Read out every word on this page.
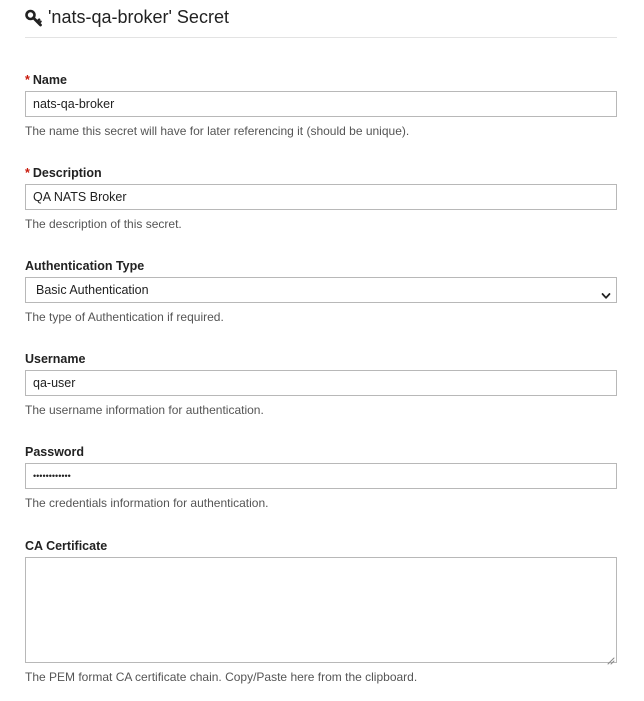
'nats-qa-broker' Secret
* Name
nats-qa-broker
The name this secret will have for later referencing it (should be unique).
* Description
QA NATS Broker
The description of this secret.
Authentication Type
Basic Authentication
The type of Authentication if required.
Username
qa-user
The username information for authentication.
Password
••••••••••••
The credentials information for authentication.
CA Certificate
The PEM format CA certificate chain. Copy/Paste here from the clipboard.
